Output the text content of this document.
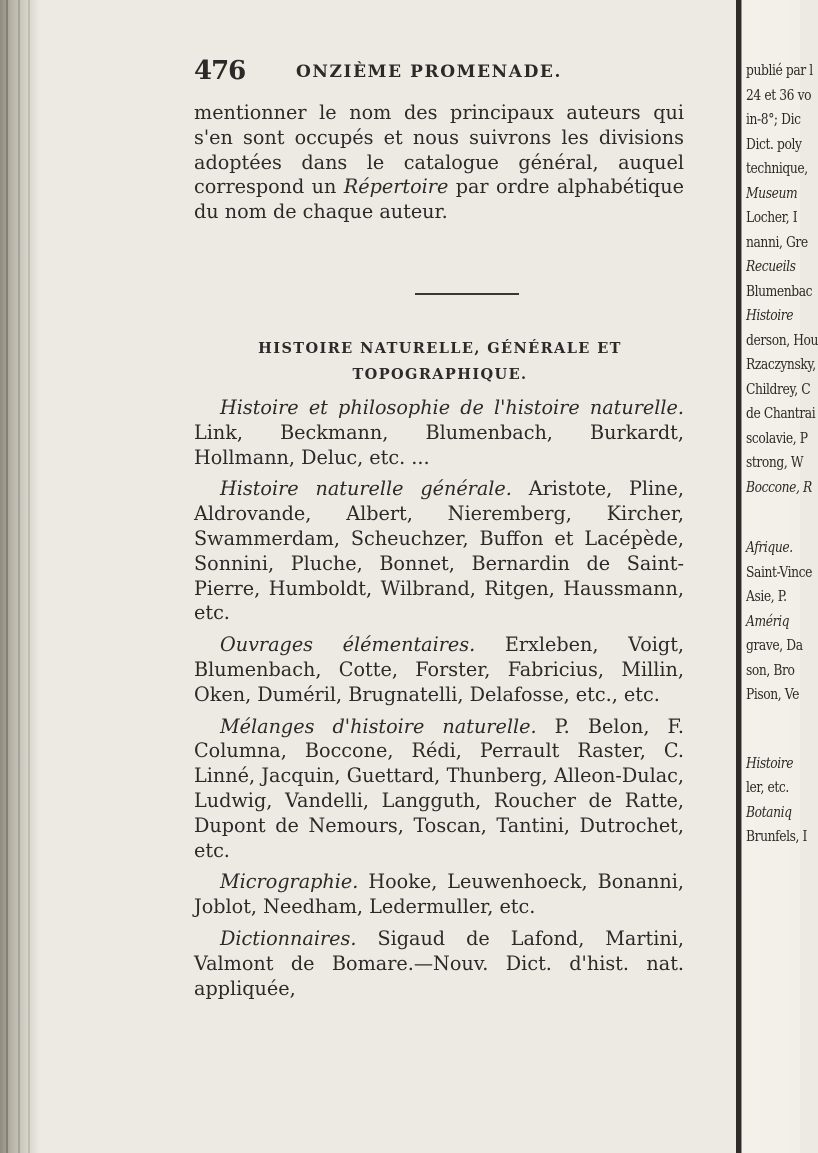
476	ONZIÈME PROMENADE.
mentionner le nom des principaux auteurs qui s'en sont occupés et nous suivrons les divisions adoptées dans le catalogue général, auquel correspond un Répertoire par ordre alphabétique du nom de chaque auteur.
HISTOIRE NATURELLE, GÉNÉRALE ET
TOPOGRAPHIQUE.

Histoire et philosophie de l'histoire naturelle. Link, Beckmann, Blumenbach, Burkardt, Hollmann, Deluc, etc. ...

Histoire naturelle générale. Aristote, Pline, Aldrovande, Albert, Nieremberg, Kircher, Swammerdam, Scheuchzer, Buffon et Lacépède, Sonnini, Pluche, Bonnet, Bernardin de Saint-Pierre, Humboldt, Wilbrand, Ritgen, Haussmann, etc.

Ouvrages élémentaires. Erxleben, Voigt, Blumenbach, Cotte, Forster, Fabricius, Millin, Oken, Duméril, Brugnatelli, Delafosse, etc., etc.

Mélanges d'histoire naturelle. P. Belon, F. Columna, Boccone, Rédi, Perrault Raster, C. Linné, Jacquin, Guettard, Thunberg, Alleon-Dulac, Ludwig, Vandelli, Langguth, Roucher de Ratte, Dupont de Nemours, Toscan, Tantini, Dutrochet, etc.

Micrographie. Hooke, Leuwenhoeck, Bonanni, Joblot, Needham, Ledermuller, etc.

Dictionnaires. Sigaud de Lafond, Martini, Valmont de Bomare.—Nouv. Dict. d'hist. nat. appliquée,

publié par l
24 et 36 vo
in-8°; Dic
Dict. poly
technique,
Museum
Locher, I
nanni, Gre
Recueils
Blumenbac
Histoire
derson, Hou
Rzaczynsky,
Childrey, C
de Chantrai
scolavie, P
strong, W
Boccone, R
Afrique.
Saint-Vince
Asie, P.
Amériq
grave, Da
son, Bro
Pison, Ve
Histoire
ler, etc.
Botaniq
Brunfels, I
